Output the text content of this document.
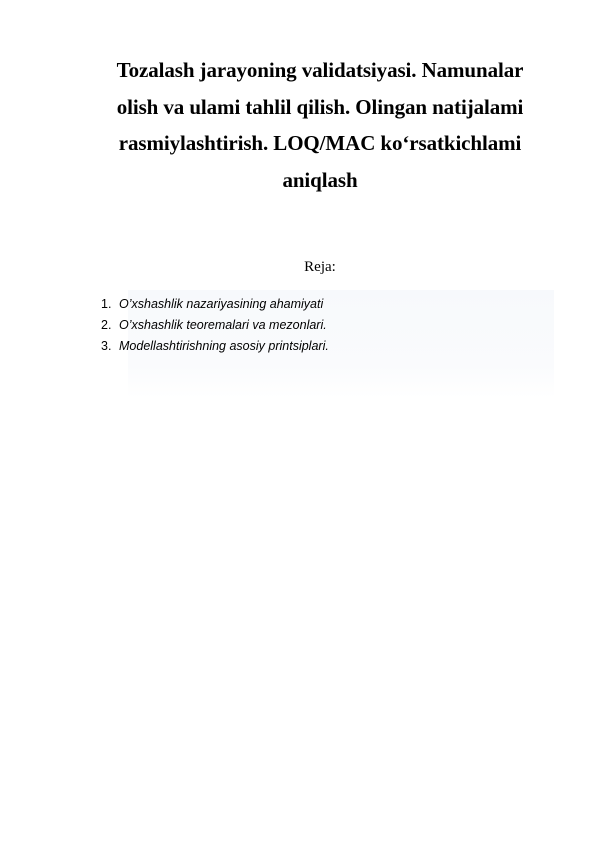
Tozalash jarayoning validatsiyasi. Namunalar
olish va ulami tahlil qilish. Olingan natijalami
rasmiylashtirish. LOQ/MAC ko‘rsatkichlami
aniqlash
Reja:
1. O’xshashlik nazariyasining ahamiyati
2. O’xshashlik teoremalari va mezonlari.
3. Modellashtirishning asosiy printsiplari.
